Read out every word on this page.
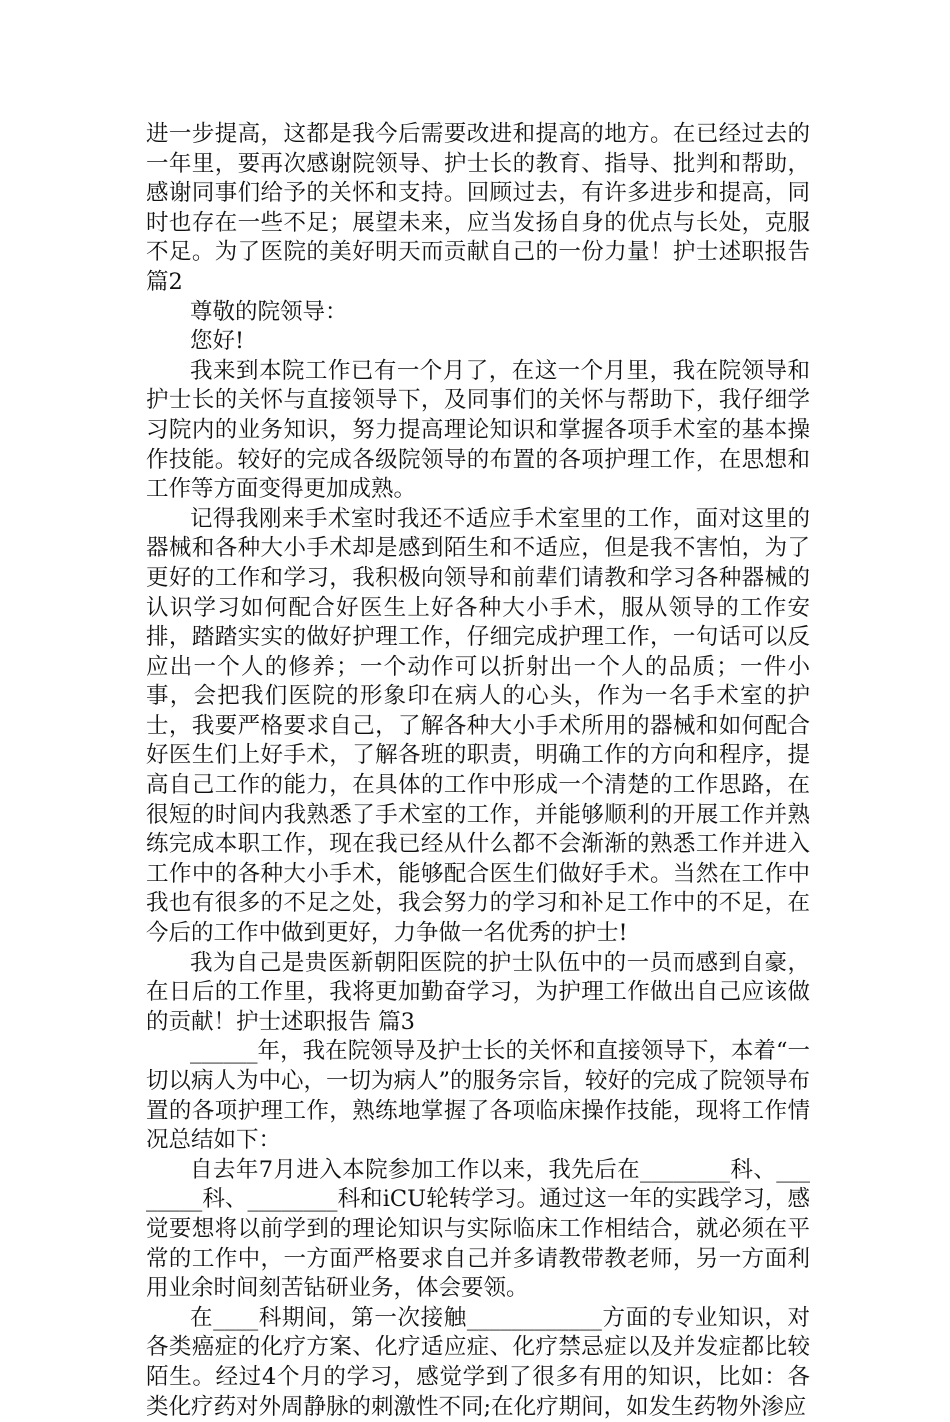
进一步提高，这都是我今后需要改进和提高的地方。在已经过去的一年里，要再次感谢院领导、护士长的教育、指导、批判和帮助，感谢同事们给予的关怀和支持。回顾过去，有许多进步和提高，同时也存在一些不足；展望未来，应当发扬自身的优点与长处，克服不足。为了医院的美好明天而贡献自己的一份力量！护士述职报告 篇2

尊敬的院领导：

您好!

我来到本院工作已有一个月了，在这一个月里，我在院领导和护士长的关怀与直接领导下，及同事们的关怀与帮助下，我仔细学习院内的业务知识，努力提高理论知识和掌握各项手术室的基本操作技能。较好的完成各级院领导的布置的各项护理工作，在思想和工作等方面变得更加成熟。

记得我刚来手术室时我还不适应手术室里的工作，面对这里的器械和各种大小手术却是感到陌生和不适应，但是我不害怕，为了更好的工作和学习，我积极向领导和前辈们请教和学习各种器械的认识学习如何配合好医生上好各种大小手术，服从领导的工作安排，踏踏实实的做好护理工作，仔细完成护理工作，一句话可以反应出一个人的修养；一个动作可以折射出一个人的品质；一件小事，会把我们医院的形象印在病人的心头，作为一名手术室的护士，我要严格要求自己，了解各种大小手术所用的器械和如何配合好医生们上好手术，了解各班的职责，明确工作的方向和程序，提高自己工作的能力，在具体的工作中形成一个清楚的工作思路，在很短的时间内我熟悉了手术室的工作，并能够顺利的开展工作并熟练完成本职工作，现在我已经从什么都不会渐渐的熟悉工作并进入工作中的各种大小手术，能够配合医生们做好手术。当然在工作中我也有很多的不足之处，我会努力的学习和补足工作中的不足，在今后的工作中做到更好，力争做一名优秀的护士!

我为自己是贵医新朝阳医院的护士队伍中的一员而感到自豪，在日后的工作里，我将更加勤奋学习，为护理工作做出自己应该做的贡献！护士述职报告 篇3

______年，我在院领导及护士长的关怀和直接领导下，本着“一切以病人为中心，一切为病人”的服务宗旨，较好的完成了院领导布置的各项护理工作，熟练地掌握了各项临床操作技能，现将工作情况总结如下：

自去年7月进入本院参加工作以来，我先后在________科、________科、________科和iCU轮转学习。通过这一年的实践学习，感觉要想将以前学到的理论知识与实际临床工作相结合，就必须在平常的工作中，一方面严格要求自己并多请教带教老师，另一方面利用业余时间刻苦钻研业务，体会要领。

在____科期间，第一次接触____________方面的专业知识，对各类癌症的化疗方案、化疗适应症、化疗禁忌症以及并发症都比较陌生。经过4个月的学习，感觉学到了很多有用的知识，比如：各类化疗药对外周静脉的刺激性不同;在化疗期间，如发生药物外渗应
